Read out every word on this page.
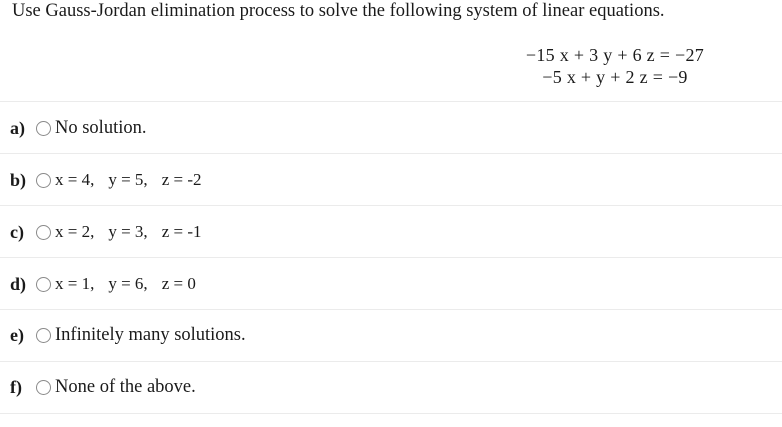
Use Gauss-Jordan elimination process to solve the following system of linear equations.
−15 x + 3 y + 6 z = −27
−5 x + y + 2 z = −9
a)	No solution.
b)	x = 4, y = 5, z = -2
c)	x = 2, y = 3, z = -1
d)	x = 1, y = 6, z = 0
e)	Infinitely many solutions.
f)	None of the above.
